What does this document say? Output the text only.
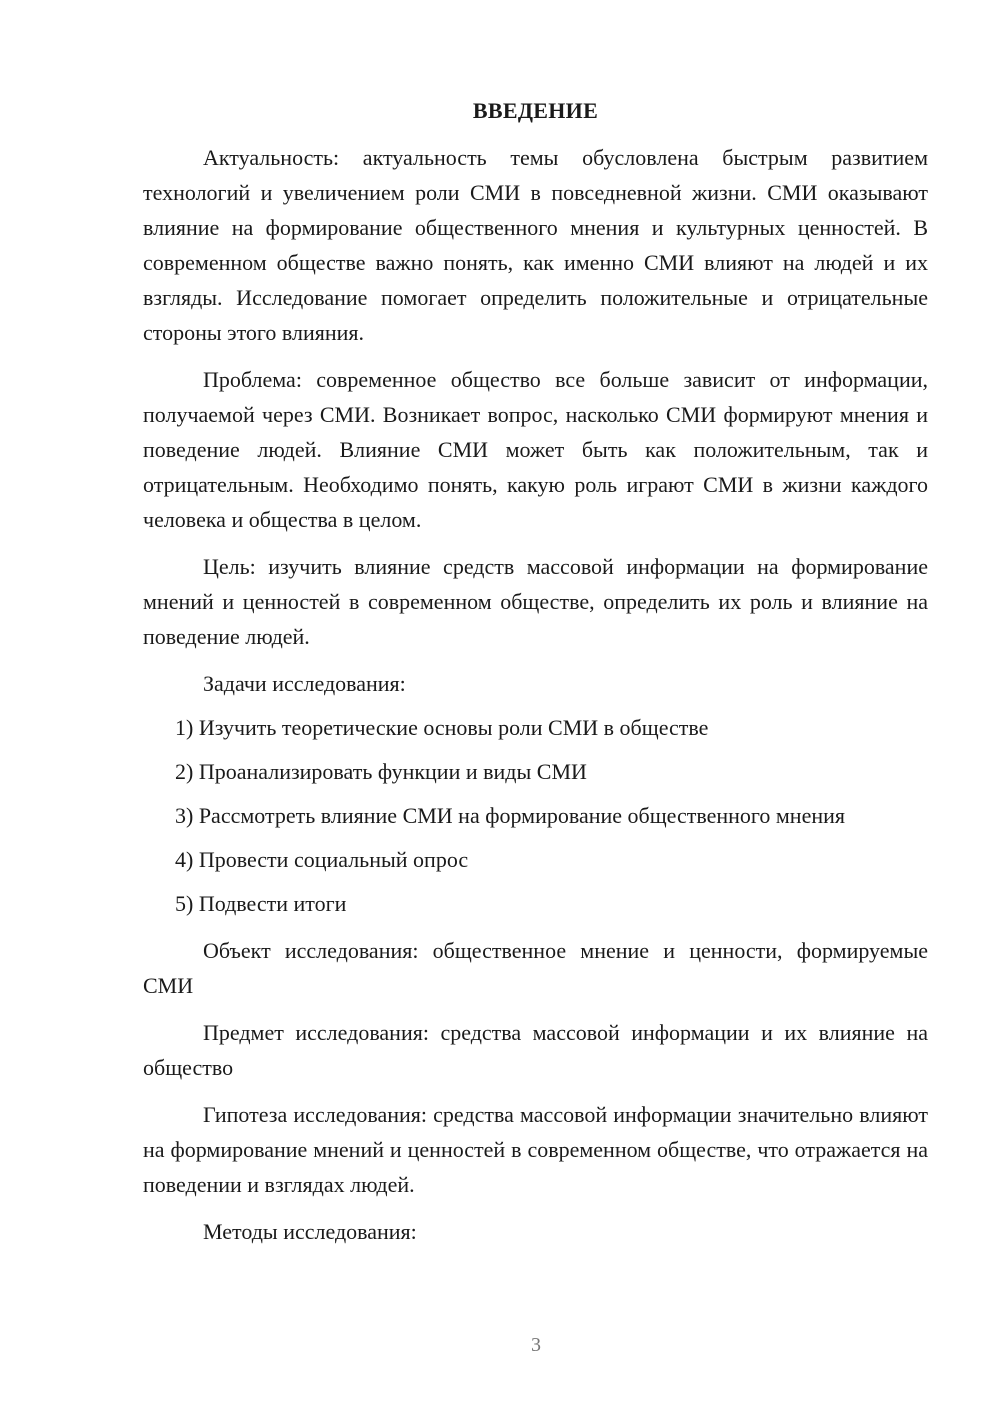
ВВЕДЕНИЕ

Актуальность: актуальность темы обусловлена быстрым развитием технологий и увеличением роли СМИ в повседневной жизни. СМИ оказывают влияние на формирование общественного мнения и культурных ценностей. В современном обществе важно понять, как именно СМИ влияют на людей и их взгляды. Исследование помогает определить положительные и отрицательные стороны этого влияния.

Проблема: современное общество все больше зависит от информации, получаемой через СМИ. Возникает вопрос, насколько СМИ формируют мнения и поведение людей. Влияние СМИ может быть как положительным, так и отрицательным. Необходимо понять, какую роль играют СМИ в жизни каждого человека и общества в целом.

Цель: изучить влияние средств массовой информации на формирование мнений и ценностей в современном обществе, определить их роль и влияние на поведение людей.

Задачи исследования:

1) Изучить теоретические основы роли СМИ в обществе

2) Проанализировать функции и виды СМИ

3) Рассмотреть влияние СМИ на формирование общественного мнения

4) Провести социальный опрос

5) Подвести итоги

Объект исследования: общественное мнение и ценности, формируемые СМИ

Предмет исследования: средства массовой информации и их влияние на общество

Гипотеза исследования: средства массовой информации значительно влияют на формирование мнений и ценностей в современном обществе, что отражается на поведении и взглядах людей.

Методы исследования:

3
